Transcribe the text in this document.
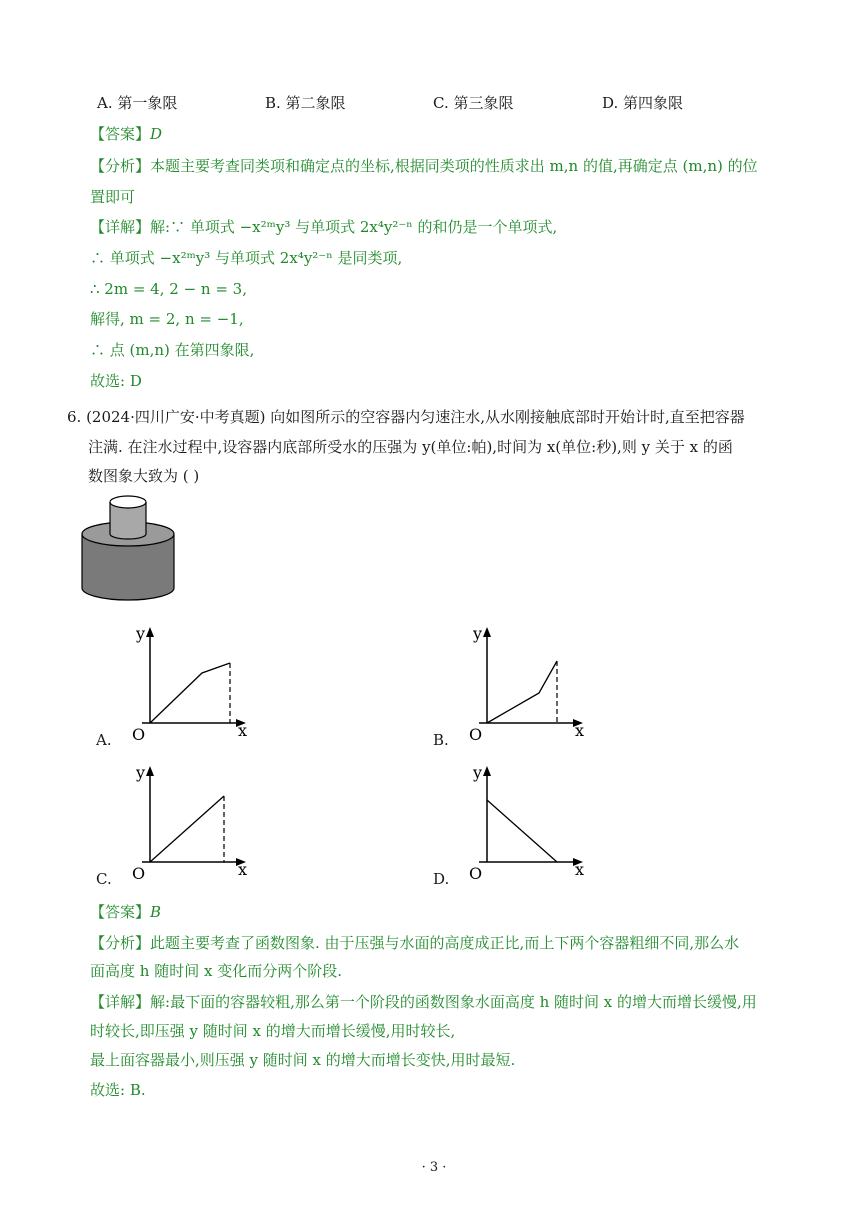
A. 第一象限	B. 第二象限	C. 第三象限	D. 第四象限
【答案】D
【分析】本题主要考查同类项和确定点的坐标,根据同类项的性质求出 m,n 的值,再确定点 (m,n) 的位
置即可
【详解】解:∵ 单项式 −x²ᵐy³ 与单项式 2x⁴y²⁻ⁿ 的和仍是一个单项式,
∴ 单项式 −x²ᵐy³ 与单项式 2x⁴y²⁻ⁿ 是同类项,
∴ 2m = 4, 2 − n = 3,
解得, m = 2, n = −1,
∴ 点 (m,n) 在第四象限,
故选: D
6. (2024·四川广安·中考真题) 向如图所示的空容器内匀速注水,从水刚接触底部时开始计时,直至把容器
注满. 在注水过程中,设容器内底部所受水的压强为 y(单位:帕),时间为 x(单位:秒),则 y 关于 x 的函
数图象大致为 ( )
A.
y
x
O	B.
y
x
O
C.
y
x
O	D.
y
x
O
【答案】B
【分析】此题主要考查了函数图象. 由于压强与水面的高度成正比,而上下两个容器粗细不同,那么水
面高度 h 随时间 x 变化而分两个阶段.
【详解】解:最下面的容器较粗,那么第一个阶段的函数图象水面高度 h 随时间 x 的增大而增长缓慢,用
时较长,即压强 y 随时间 x 的增大而增长缓慢,用时较长,
最上面容器最小,则压强 y 随时间 x 的增大而增长变快,用时最短.
故选: B.
· 3 ·
